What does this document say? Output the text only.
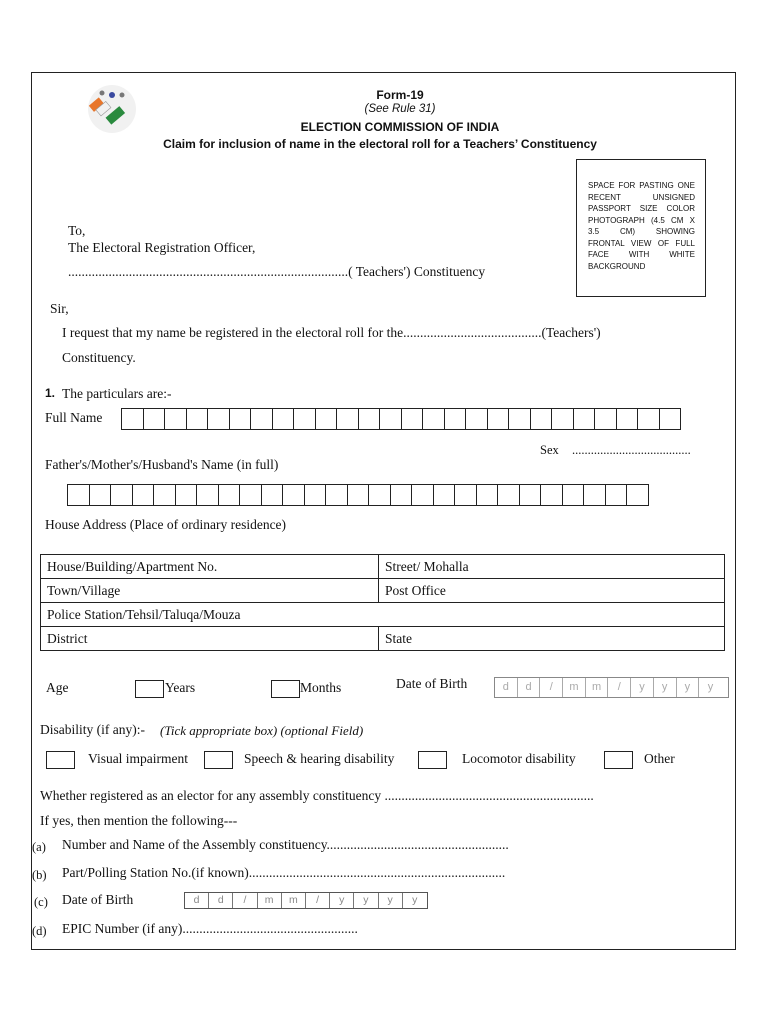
Form-19
(See Rule 31)
ELECTION COMMISSION OF INDIA
Claim for inclusion of name in the electoral roll for a Teachers’ Constituency
SPACE FOR PASTING ONE RECENT UNSIGNED PASSPORT SIZE COLOR PHOTOGRAPH (4.5 CM X 3.5 CM) SHOWING FRONTAL VIEW OF FULL FACE WITH WHITE BACKGROUND
To,
The Electoral Registration Officer,
...................................................................................( Teachers') Constituency
Sir,
I request that my name be registered in the electoral roll for the.........................................(Teachers')
Constituency.
1. The particulars are:-
Full Name
Sex ......................................
Father's/Mother's/Husband's Name (in full)
House Address (Place of ordinary residence)
House/Building/Apartment No.	Street/ Mohalla
Town/Village	Post Office
Police Station/Tehsil/Taluqa/Mouza	
District	State
Age	Years	Months	Date of Birth	d	d	/	m	m	/	y	y	y	y
Disability (if any):- (Tick appropriate box) (optional Field)
Visual impairment	Speech & hearing disability	Locomotor disability	Other
Whether registered as an elector for any assembly constituency ..............................................................
If yes, then mention the following---
(a) Number and Name of the Assembly constituency......................................................
(b) Part/Polling Station No.(if known)............................................................................
(c) Date of Birth	d	d	/	m	m	/	y	y	y	y
(d) EPIC Number (if any)....................................................
